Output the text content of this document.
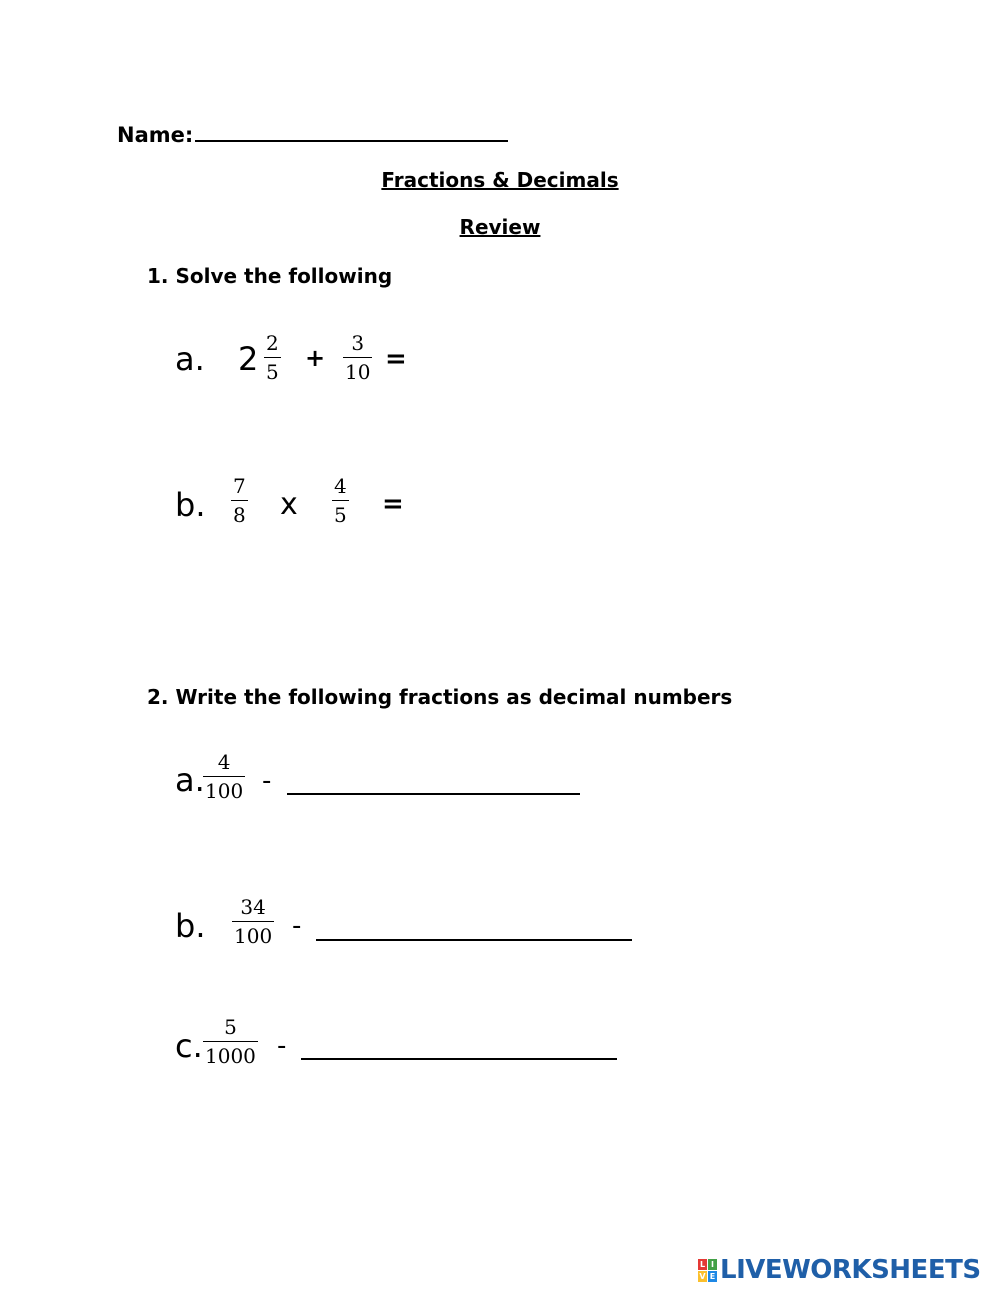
Name:
Fractions & Decimals
Review
1. Solve the following
a. 2 2
5 +
3
10 =
b. 7
8 x
4
5 =
2. Write the following fractions as decimal numbers
a. 4
100 -
b. 34
100 -
c. 5
1000 -
L I
V E LIVEWORKSHEETS
